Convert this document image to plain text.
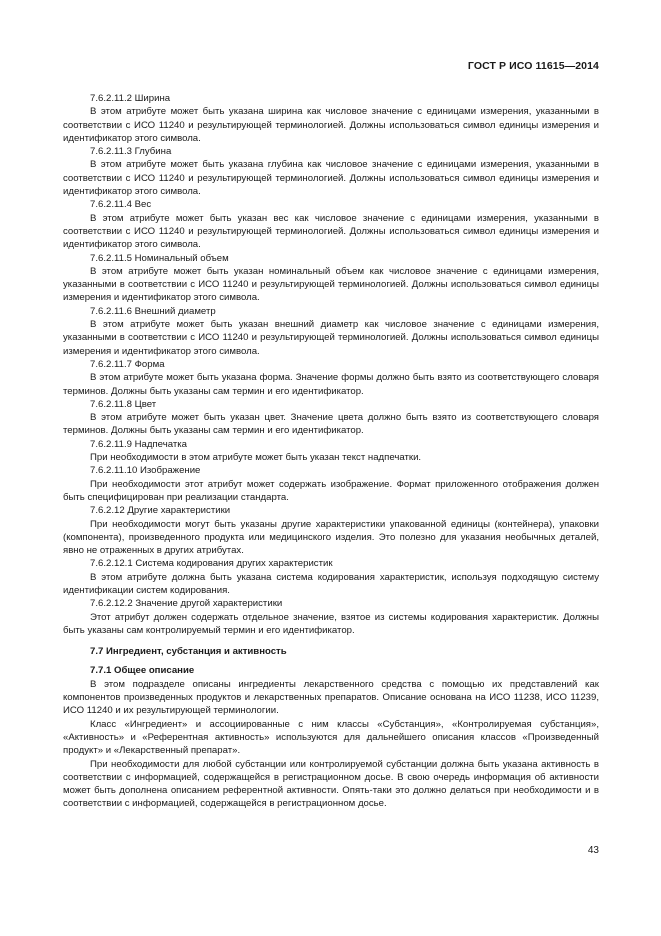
ГОСТ Р ИСО 11615—2014
7.6.2.11.2 Ширина
В этом атрибуте может быть указана ширина как числовое значение с единицами измерения, указанными в соответствии с ИСО 11240 и результирующей терминологией. Должны использоваться символ единицы измерения и идентификатор этого символа.
7.6.2.11.3 Глубина
В этом атрибуте может быть указана глубина как числовое значение с единицами измерения, указанными в соответствии с ИСО 11240 и результирующей терминологией. Должны использоваться символ единицы измерения и идентификатор этого символа.
7.6.2.11.4 Вес
В этом атрибуте может быть указан вес как числовое значение с единицами измерения, указанными в соответствии с ИСО 11240 и результирующей терминологией. Должны использоваться символ единицы измерения и идентификатор этого символа.
7.6.2.11.5 Номинальный объем
В этом атрибуте может быть указан номинальный объем как числовое значение с единицами измерения, указанными в соответствии с ИСО 11240 и результирующей терминологией. Должны использоваться символ единицы измерения и идентификатор этого символа.
7.6.2.11.6 Внешний диаметр
В этом атрибуте может быть указан внешний диаметр как числовое значение с единицами измерения, указанными в соответствии с ИСО 11240 и результирующей терминологией. Должны использоваться символ единицы измерения и идентификатор этого символа.
7.6.2.11.7 Форма
В этом атрибуте может быть указана форма. Значение формы должно быть взято из соответствующего словаря терминов. Должны быть указаны сам термин и его идентификатор.
7.6.2.11.8 Цвет
В этом атрибуте может быть указан цвет. Значение цвета должно быть взято из соответствующего словаря терминов. Должны быть указаны сам термин и его идентификатор.
7.6.2.11.9 Надпечатка
При необходимости в этом атрибуте может быть указан текст надпечатки.
7.6.2.11.10 Изображение
При необходимости этот атрибут может содержать изображение. Формат приложенного отображения должен быть специфицирован при реализации стандарта.
7.6.2.12 Другие характеристики
При необходимости могут быть указаны другие характеристики упакованной единицы (контейнера), упаковки (компонента), произведенного продукта или медицинского изделия. Это полезно для указания необычных деталей, явно не отраженных в других атрибутах.
7.6.2.12.1 Система кодирования других характеристик
В этом атрибуте должна быть указана система кодирования характеристик, используя подходящую систему идентификации систем кодирования.
7.6.2.12.2 Значение другой характеристики
Этот атрибут должен содержать отдельное значение, взятое из системы кодирования характеристик. Должны быть указаны сам контролируемый термин и его идентификатор.
7.7 Ингредиент, субстанция и активность
7.7.1 Общее описание
В этом подразделе описаны ингредиенты лекарственного средства с помощью их представлений как компонентов произведенных продуктов и лекарственных препаратов. Описание основана на ИСО 11238, ИСО 11239, ИСО 11240 и их результирующей терминологии.
Класс «Ингредиент» и ассоциированные с ним классы «Субстанция», «Контролируемая субстанция», «Активность» и «Референтная активность» используются для дальнейшего описания классов «Произведенный продукт» и «Лекарственный препарат».
При необходимости для любой субстанции или контролируемой субстанции должна быть указана активность в соответствии с информацией, содержащейся в регистрационном досье. В свою очередь информация об активности может быть дополнена описанием референтной активности. Опять-таки это должно делаться при необходимости и в соответствии с информацией, содержащейся в регистрационном досье.
43
